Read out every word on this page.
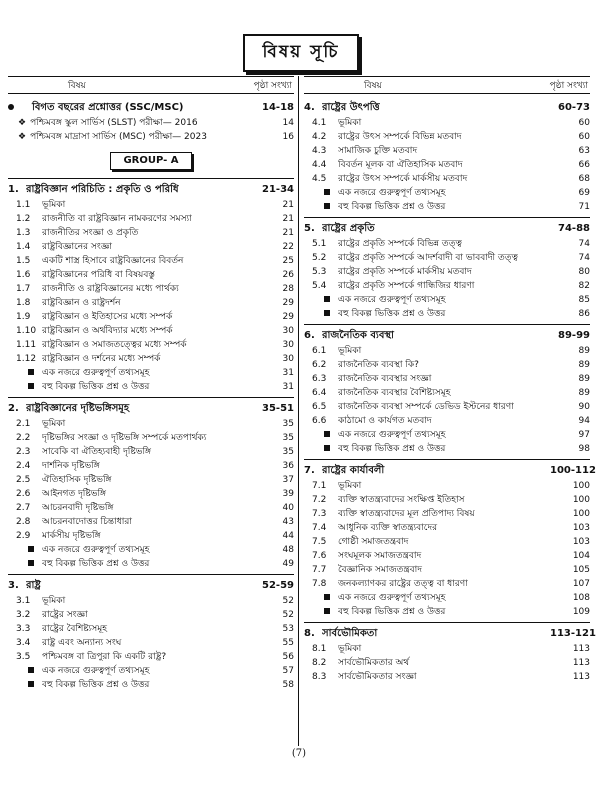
বিষয় সূচি
বিষয়	পৃষ্ঠা সংখ্যা
বিগত বছরের প্রশ্নোত্তর (SSC/MSC)	14-18
❖ পশ্চিমবঙ্গ স্কুল সার্ভিস (SLST) পরীক্ষা— 2016	14
❖ পশ্চিমবঙ্গ মাদ্রাসা সার্ভিস (MSC) পরীক্ষা— 2023	16
GROUP- A
1. রাষ্ট্রবিজ্ঞান পরিচিতি : প্রকৃতি ও পরিধি	21-34
1.1	ভূমিকা	21
1.2	রাজনীতি বা রাষ্ট্রবিজ্ঞান নামকরণের সমস্যা	21
1.3	রাজনীতির সংজ্ঞা ও প্রকৃতি	21
1.4	রাষ্ট্রবিজ্ঞানের সংজ্ঞা	22
1.5	একটি শাস্ত্র হিসাবে রাষ্ট্রবিজ্ঞানের বিবর্তন	25
1.6	রাষ্ট্রবিজ্ঞানের পরিধি বা বিষয়বস্তু	26
1.7	রাজনীতি ও রাষ্ট্রবিজ্ঞানের মধ্যে পার্থক্য	28
1.8	রাষ্ট্রবিজ্ঞান ও রাষ্ট্রদর্শন	29
1.9	রাষ্ট্রবিজ্ঞান ও ইতিহাসের মধ্যে সম্পর্ক	29
1.10 রাষ্ট্রবিজ্ঞান ও অর্থবিদ্যার মধ্যে সম্পর্ক	30
1.11 রাষ্ট্রবিজ্ঞান ও সমাজতত্ত্বের মধ্যে সম্পর্ক	30
1.12 রাষ্ট্রবিজ্ঞান ও দর্শনের মধ্যে সম্পর্ক	30
এক নজরে গুরুত্বপূর্ণ তথ্যসমূহ	31
বহু বিকল্প ভিত্তিক প্রশ্ন ও উত্তর	31
2. রাষ্ট্রবিজ্ঞানের দৃষ্টিভঙ্গিসমূহ	35-51
2.1	ভূমিকা	35
2.2	দৃষ্টিভঙ্গির সংজ্ঞা ও দৃষ্টিভঙ্গি সম্পর্কে মতপার্থক্য	35
2.3	সাবেকি বা ঐতিহ্যবাহী দৃষ্টিভঙ্গি	35
2.4	দার্শনিক দৃষ্টিভঙ্গি	36
2.5	ঐতিহাসিক দৃষ্টিভঙ্গি	37
2.6	আইনগত দৃষ্টিভঙ্গি	39
2.7	আচরনবাদী দৃষ্টিভঙ্গি	40
2.8	আচরনবাদোত্তর চিন্তাধারা	43
2.9	মার্কসীয় দৃষ্টিভঙ্গি	44
এক নজরে গুরুত্বপূর্ণ তথ্যসমূহ	48
বহু বিকল্প ভিত্তিক প্রশ্ন ও উত্তর	49
3. রাষ্ট্র	52-59
3.1	ভূমিকা	52
3.2	রাষ্ট্রের সংজ্ঞা	52
3.3	রাষ্ট্রের বৈশিষ্ট্যসমূহ	53
3.4	রাষ্ট্র এবং অন্যান্য সংঘ	55
3.5	পশ্চিমবঙ্গ বা ত্রিপুরা কি একটি রাষ্ট্র?	56
এক নজরে গুরুত্বপূর্ণ তথ্যসমূহ	57
বহু বিকল্প ভিত্তিক প্রশ্ন ও উত্তর	58
বিষয়	পৃষ্ঠা সংখ্যা
4. রাষ্ট্রের উৎপত্তি	60-73
4.1	ভূমিকা	60
4.2	রাষ্ট্রের উৎস সম্পর্কে বিভিন্ন মতবাদ	60
4.3	সামাজিক চুক্তি মতবাদ	63
4.4	বিবর্তন মূলক বা ঐতিহাসিক মতবাদ	66
4.5	রাষ্ট্রের উৎস সম্পর্কে মার্কসীয় মতবাদ	68
এক নজরে গুরুত্বপূর্ণ তথ্যসমূহ	69
বহু বিকল্প ভিত্তিক প্রশ্ন ও উত্তর	71
5. রাষ্ট্রের প্রকৃতি	74-88
5.1	রাষ্ট্রের প্রকৃতি সম্পর্কে বিভিন্ন তত্ত্ব	74
5.2	রাষ্ট্রের প্রকৃতি সম্পর্কে আদর্শবাদী বা ভাববাদী তত্ত্ব	74
5.3	রাষ্ট্রের প্রকৃতি সম্পর্কে মার্কসীয় মতবাদ	80
5.4	রাষ্ট্রের প্রকৃতি সম্পর্কে গান্ধিজির ধারণা	82
এক নজরে গুরুত্বপূর্ণ তথ্যসমূহ	85
বহু বিকল্প ভিত্তিক প্রশ্ন ও উত্তর	86
6. রাজনৈতিক ব্যবস্থা	89-99
6.1	ভূমিকা	89
6.2	রাজনৈতিক ব্যবস্থা কি?	89
6.3	রাজনৈতিক ব্যবস্থার সংজ্ঞা	89
6.4	রাজনৈতিক ব্যবস্থার বৈশিষ্ট্যসমূহ	89
6.5	রাজনৈতিক ব্যবস্থা সম্পর্কে ডেভিড ইস্টনের ধারণা	90
6.6	কাঠামো ও কার্যগত মতবাদ	94
এক নজরে গুরুত্বপূর্ণ তথ্যসমূহ	97
বহু বিকল্প ভিত্তিক প্রশ্ন ও উত্তর	98
7. রাষ্ট্রের কার্যাবলী	100-112
7.1	ভূমিকা	100
7.2	ব্যক্তি স্বাতন্ত্র্যবাদের সংক্ষিপ্ত ইতিহাস	100
7.3	ব্যক্তি স্বাতন্ত্র্যবাদের মূল প্রতিপাদ্য বিষয়	100
7.4	আধুনিক ব্যক্তি স্বাতন্ত্র্যবাদের	103
7.5	গোষ্ঠী সমাজতন্ত্রবাদ	103
7.6	সংঘমূলক সমাজতন্ত্রবাদ	104
7.7	বৈজ্ঞানিক সমাজতন্ত্রবাদ	105
7.8	জনকল্যাণকর রাষ্ট্রের তত্ত্ব বা ধারণা	107
এক নজরে গুরুত্বপূর্ণ তথ্যসমূহ	108
বহু বিকল্প ভিত্তিক প্রশ্ন ও উত্তর	109
8. সার্বভৌমিকতা	113-121
8.1	ভূমিকা	113
8.2	সার্বভৌমিকতার অর্থ	113
8.3	সার্বভৌমিকতার সংজ্ঞা	113
(7)
